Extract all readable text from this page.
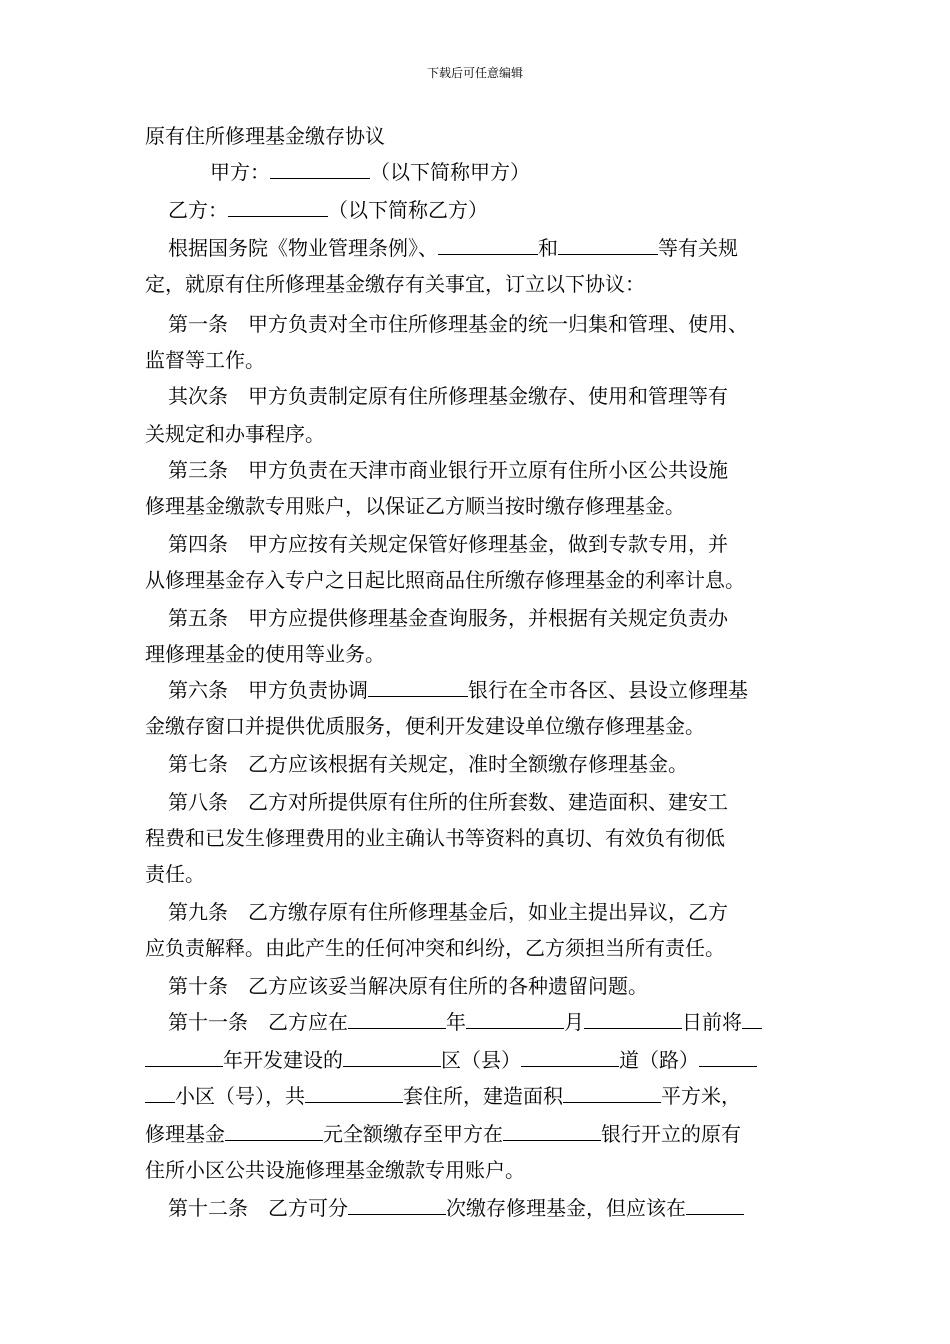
下载后可任意编辑
原有住所修理基金缴存协议
甲方：	（以下简称甲方）
乙方：	（以下简称乙方）
根据国务院《物业管理条例》、	和	等有关规
定，就原有住所修理基金缴存有关事宜，订立以下协议：
第一条　甲方负责对全市住所修理基金的统一归集和管理、使用、
监督等工作。
其次条　甲方负责制定原有住所修理基金缴存、使用和管理等有
关规定和办事程序。
第三条　甲方负责在天津市商业银行开立原有住所小区公共设施
修理基金缴款专用账户，以保证乙方顺当按时缴存修理基金。
第四条　甲方应按有关规定保管好修理基金，做到专款专用，并
从修理基金存入专户之日起比照商品住所缴存修理基金的利率计息。
第五条　甲方应提供修理基金查询服务，并根据有关规定负责办
理修理基金的使用等业务。
第六条　甲方负责协调	银行在全市各区、县设立修理基
金缴存窗口并提供优质服务，便利开发建设单位缴存修理基金。
第七条　乙方应该根据有关规定，准时全额缴存修理基金。
第八条　乙方对所提供原有住所的住所套数、建造面积、建安工
程费和已发生修理费用的业主确认书等资料的真切、有效负有彻低
责任。
第九条　乙方缴存原有住所修理基金后，如业主提出异议，乙方
应负责解释。由此产生的任何冲突和纠纷，乙方须担当所有责任。
第十条　乙方应该妥当解决原有住所的各种遗留问题。
第十一条　乙方应在	年	月	日前将
年开发建设的	区（县）	道（路）
小区（号），共	套住所，建造面积	平方米，
修理基金	元全额缴存至甲方在	银行开立的原有
住所小区公共设施修理基金缴款专用账户。
第十二条　乙方可分	次缴存修理基金，但应该在
